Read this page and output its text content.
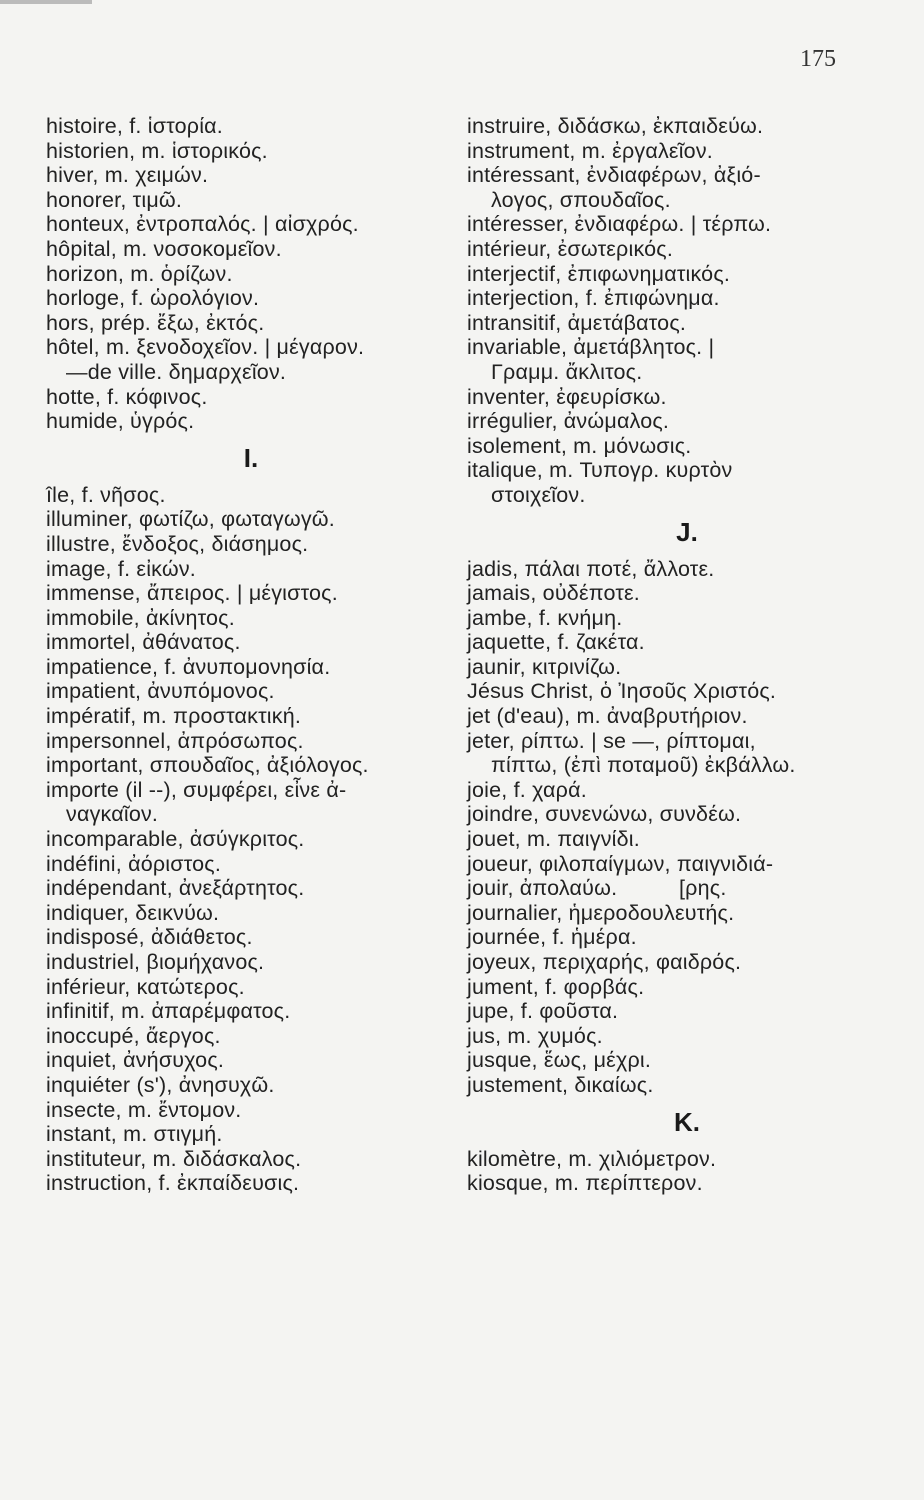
175
histoire, f. ἱστορία.
historien, m. ἱστορικός.
hiver, m. χειμών.
honorer, τιμῶ.
honteux, ἐντροπαλός. | αἰσχρός.
hôpital, m. νοσοκομεῖον.
horizon, m. ὁρίζων.
horloge, f. ὡρολόγιον.
hors, prép. ἔξω, ἐκτός.
hôtel, m. ξενοδοχεῖον. | μέγαρον.
—de ville. δημαρχεῖον.
hotte, f. κόφινος.
humide, ὑγρός.
I.
île, f. νῆσος.
illuminer, φωτίζω, φωταγωγῶ.
illustre, ἔνδοξος, διάσημος.
image, f. εἰκών.
immense, ἄπειρος. | μέγιστος.
immobile, ἀκίνητος.
immortel, ἀθάνατος.
impatience, f. ἀνυπομονησία.
impatient, ἀνυπόμονος.
impératif, m. προστακτική.
impersonnel, ἀπρόσωπος.
important, σπουδαῖος, ἀξιόλογος.
importe (il --), συμφέρει, εἶνε ἀ-
ναγκαῖον.
incomparable, ἀσύγκριτος.
indéfini, ἀόριστος.
indépendant, ἀνεξάρτητος.
indiquer, δεικνύω.
indisposé, ἀδιάθετος.
industriel, βιομήχανος.
inférieur, κατώτερος.
infinitif, m. ἀπαρέμφατος.
inoccupé, ἄεργος.
inquiet, ἀνήσυχος.
inquiéter (s'), ἀνησυχῶ.
insecte, m. ἔντομον.
instant, m. στιγμή.
instituteur, m. διδάσκαλος.
instruction, f. ἐκπαίδευσις.
instruire, διδάσκω, ἐκπαιδεύω.
instrument, m. ἐργαλεῖον.
intéressant, ἐνδιαφέρων, ἀξιό-
λογος, σπουδαῖος.
intéresser, ἐνδιαφέρω. | τέρπω.
intérieur, ἐσωτερικός.
interjectif, ἐπιφωνηματικός.
interjection, f. ἐπιφώνημα.
intransitif, ἀμετάβατος.
invariable, ἀμετάβλητος. |
Γραμμ. ἄκλιτος.
inventer, ἐφευρίσκω.
irrégulier, ἀνώμαλος.
isolement, m. μόνωσις.
italique, m. Τυπογρ. κυρτὸν
στοιχεῖον.
J.
jadis, πάλαι ποτέ, ἄλλοτε.
jamais, οὐδέποτε.
jambe, f. κνήμη.
jaquette, f. ζακέτα.
jaunir, κιτρινίζω.
Jésus Christ, ὁ Ἰησοῦς Χριστός.
jet (d'eau), m. ἀναβρυτήριον.
jeter, ρίπτω. | se —, ρίπτομαι,
πίπτω, (ἐπὶ ποταμοῦ) ἐκβάλλω.
joie, f. χαρά.
joindre, συνενώνω, συνδέω.
jouet, m. παιγνίδι.
joueur, φιλοπαίγμων, παιγνιδιά-
jouir, ἀπολαύω.          [ρης.
journalier, ἡμεροδουλευτής.
journée, f. ἡμέρα.
joyeux, περιχαρής, φαιδρός.
jument, f. φορβάς.
jupe, f. φοῦστα.
jus, m. χυμός.
jusque, ἕως, μέχρι.
justement, δικαίως.
K.
kilomètre, m. χιλιόμετρον.
kiosque, m. περίπτερον.
